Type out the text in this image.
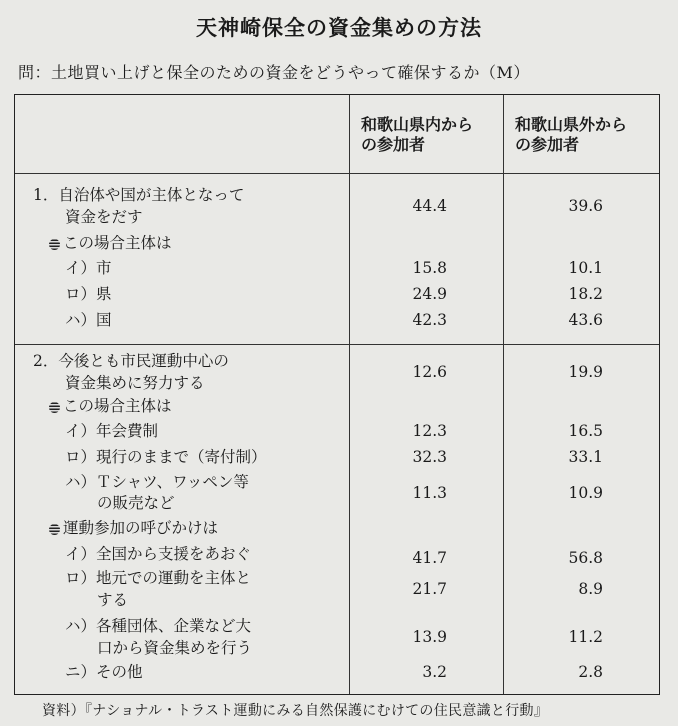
天神崎保全の資金集めの方法
問：土地買い上げと保全のための資金をどうやって確保するか（M）
和歌山県内から
の参加者
和歌山県外から
の参加者
1．自治体や国が主体となって
資金をだす
44.4	39.6
この場合主体は
イ）市	15.8	10.1
ロ）県	24.9	18.2
ハ）国	42.3	43.6
2．今後とも市民運動中心の
資金集めに努力する
12.6	19.9
この場合主体は
イ）年会費制	12.3	16.5
ロ）現行のままで（寄付制）	32.3	33.1
ハ）Ｔシャツ、ワッペン等
の販売など
11.3	10.9
運動参加の呼びかけは
イ）全国から支援をあおぐ	41.7	56.8
ロ）地元での運動を主体と
する
21.7	8.9
ハ）各種団体、企業など大
口から資金集めを行う
13.9	11.2
ニ）その他	3.2	2.8
資料）『ナショナル・トラスト運動にみる自然保護にむけての住民意識と行動』
